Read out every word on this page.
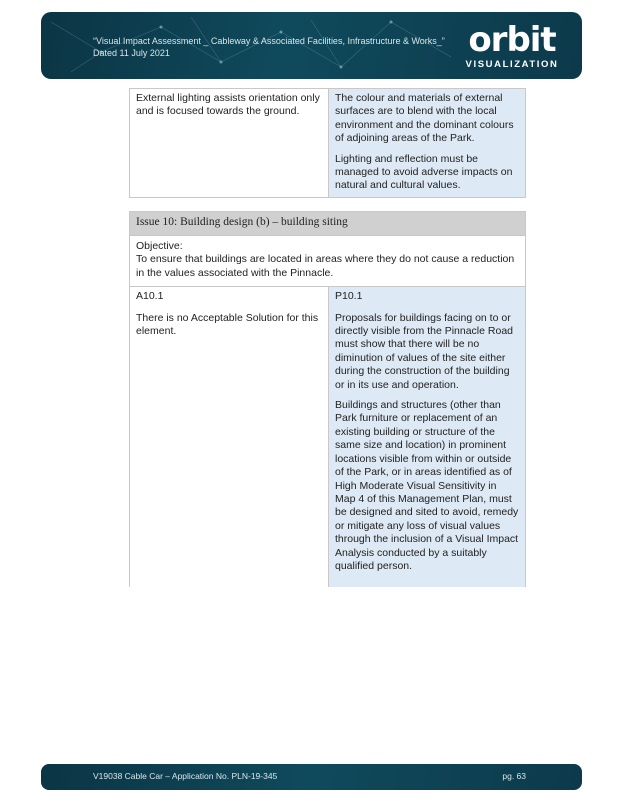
“Visual Impact Assessment _ Cableway & Associated Facilities, Infrastructure & Works_”
Dated 11 July 2021	orbit
VISUALIZATION

External lighting assists orientation only and is focused towards the ground.

The colour and materials of external surfaces are to blend with the local environment and the dominant colours of adjoining areas of the Park.

Lighting and reflection must be managed to avoid adverse impacts on natural and cultural values.

Issue 10: Building design (b) – building siting
Objective:
To ensure that buildings are located in areas where they do not cause a reduction in the values associated with the Pinnacle.

A10.1

There is no Acceptable Solution for this element.

P10.1

Proposals for buildings facing on to or directly visible from the Pinnacle Road must show that there will be no diminution of values of the site either during the construction of the building or in its use and operation.

Buildings and structures (other than Park furniture or replacement of an existing building or structure of the same size and location) in prominent locations visible from within or outside of the Park, or in areas identified as of High Moderate Visual Sensitivity in Map 4 of this Management Plan, must be designed and sited to avoid, remedy or mitigate any loss of visual values through the inclusion of a Visual Impact Analysis conducted by a suitably qualified person.

V19038 Cable Car – Application No. PLN-19-345	pg. 63
